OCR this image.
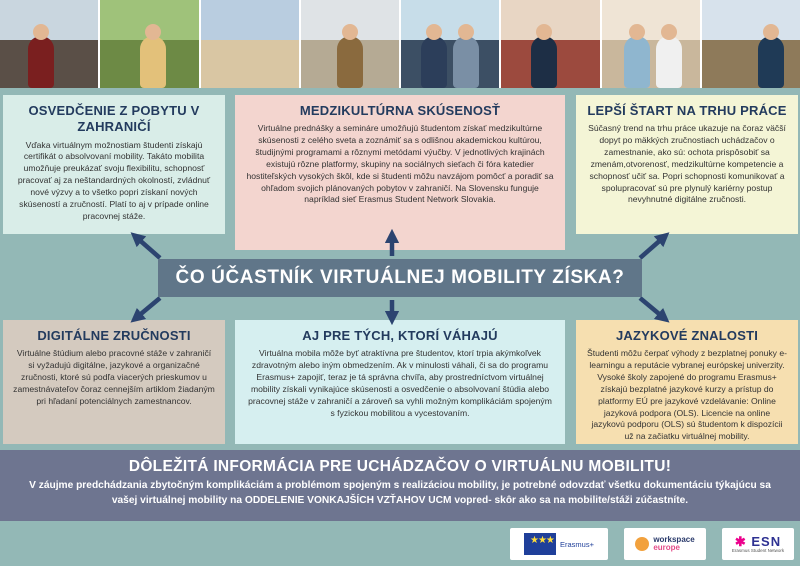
OSVEDČENIE Z POBYTU V ZAHRANIČÍ

Vďaka virtuálnym možnostiam študenti získajú certifikát o absolvovaní mobility. Takáto mobilita umožňuje preukázať svoju flexibilitu, schopnosť pracovať aj za neštandardných okolností, zvládnuť nové výzvy a to všetko popri získaní nových skúseností a zručností. Platí to aj v prípade online pracovnej stáže.

MEDZIKULTÚRNA SKÚSENOSŤ

Virtuálne prednášky a semináre umožňujú študentom získať medzikultúrne skúsenosti z celého sveta a zoznámiť sa s odlišnou akademickou kultúrou, študijnými programami a rôznymi metódami výučby. V jednotlivých krajinách existujú rôzne platformy, skupiny na sociálnych sieťach či fóra katedier hostiteľských vysokých škôl, kde si študenti môžu navzájom pomôcť a poradiť sa ohľadom svojich plánovaných pobytov v zahraničí. Na Slovensku funguje napríklad sieť Erasmus Student Network Slovakia.

LEPŠÍ ŠTART NA TRHU PRÁCE

Súčasný trend na trhu práce ukazuje na čoraz väčší dopyt po mäkkých zručnostiach uchádzačov o zamestnanie, ako sú: ochota prispôsobiť sa zmenám,otvorenosť, medzikultúrne kompetencie a schopnosť učiť sa. Popri schopnosti komunikovať a spolupracovať sú pre plynulý kariérny postup nevyhnutné digitálne zručnosti.

DIGITÁLNE ZRUČNOSTI

Virtuálne štúdium alebo pracovné stáže v zahraničí si vyžadujú digitálne, jazykové a organizačné zručnosti, ktoré sú podľa viacerých prieskumov u zamestnávateľov čoraz cennejším artiklom žiadaným pri hľadaní potenciálnych zamestnancov.

AJ PRE TÝCH, KTORÍ VÁHAJÚ

Virtuálna mobila môže byť atraktívna pre študentov, ktorí trpia akýmkoľvek zdravotným alebo iným obmedzením. Ak v minulosti váhali, či sa do programu Erasmus+ zapojiť, teraz je tá správna chvíľa, aby prostredníctvom virtuálnej mobility získali vynikajúce skúsenosti a osvedčenie o absolvovaní štúdia alebo pracovnej stáže v zahraničí a zároveň sa vyhli možným komplikáciám spojeným s fyzickou mobilitou a vycestovaním.

JAZYKOVÉ ZNALOSTI

Študenti môžu čerpať výhody z bezplatnej ponuky e-learningu a reputácie vybranej európskej univerzity. Vysoké školy zapojené do programu Erasmus+ získajú bezplatné jazykové kurzy a prístup do platformy EÚ pre jazykové vzdelávanie: Online jazyková podpora (OLS). Licencie na online jazykovú podporu (OLS) sú študentom k dispozícii už na začiatku virtuálnej mobility.

ČO ÚČASTNÍK VIRTUÁLNEJ MOBILITY ZÍSKA?
DÔLEŽITÁ INFORMÁCIA PRE UCHÁDZAČOV O VIRTUÁLNU MOBILITU!

V záujme predchádzania zbytočným komplikáciám a problémom spojeným s realizáciou mobility, je potrebné odovzdať všetku dokumentáciu týkajúcu sa vašej virtuálnej mobility na ODDELENIE VONKAJŠÍCH VZŤAHOV UCM vopred- skôr ako sa na mobilite/stáži zúčastníte.

★★★ Erasmus+	workspace
europe	✱ ESN
Erasmus Student Network
